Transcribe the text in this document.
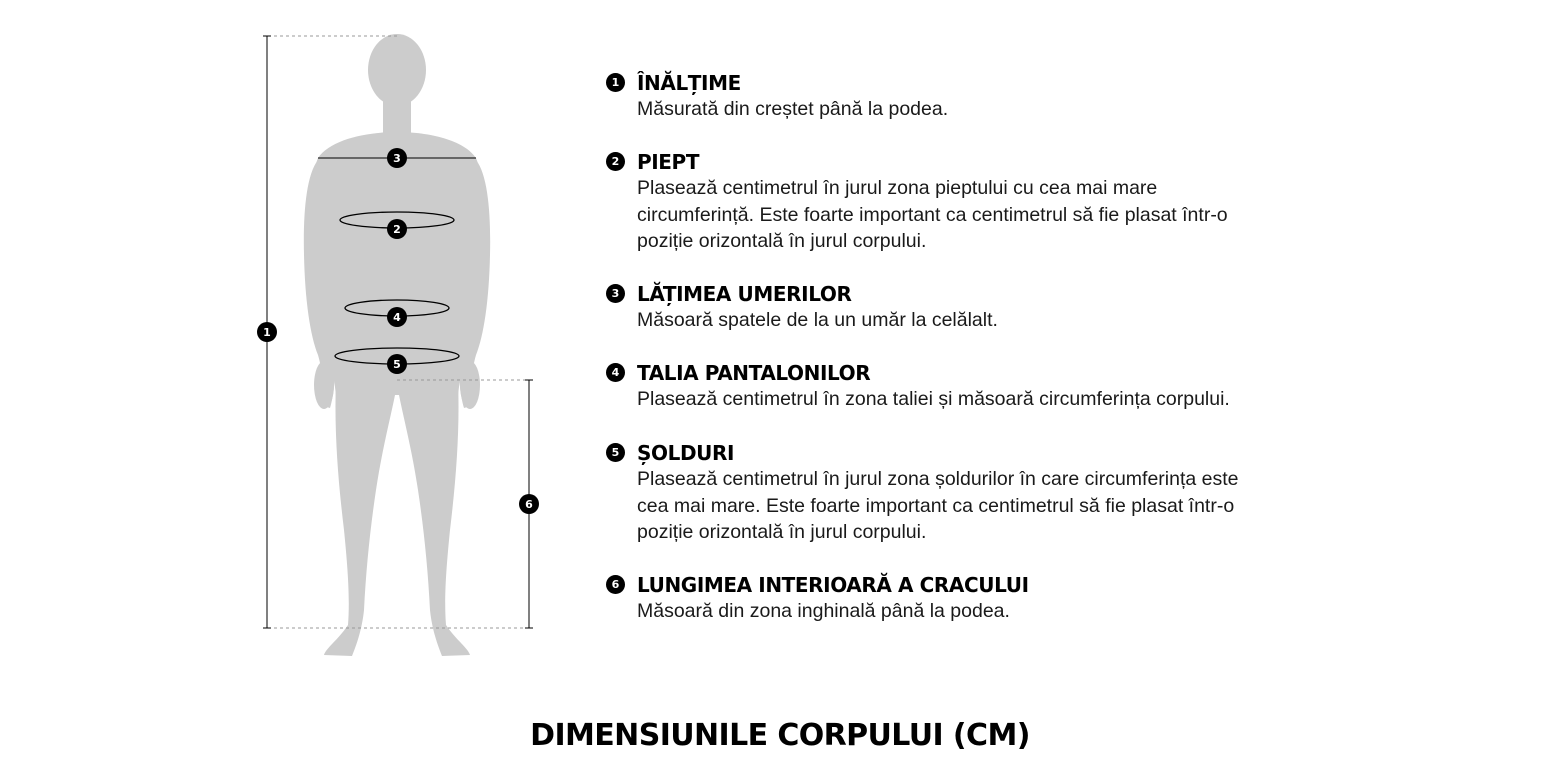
1
2
3
4
5
6
1 ÎNĂLȚIME
Măsurată din creștet până la podea.
2 PIEPT
Plasează centimetrul în jurul zona pieptului cu cea mai mare
circumferință. Este foarte important ca centimetrul să fie plasat într-o
poziție orizontală în jurul corpului.
3 LĂȚIMEA UMERILOR
Măsoară spatele de la un umăr la celălalt.
4 TALIA PANTALONILOR
Plasează centimetrul în zona taliei și măsoară circumferința corpului.
5 ȘOLDURI
Plasează centimetrul în jurul zona șoldurilor în care circumferința este
cea mai mare. Este foarte important ca centimetrul să fie plasat într-o
poziție orizontală în jurul corpului.
6 LUNGIMEA INTERIOARĂ A CRACULUI
Măsoară din zona inghinală până la podea.
DIMENSIUNILE CORPULUI (CM)
